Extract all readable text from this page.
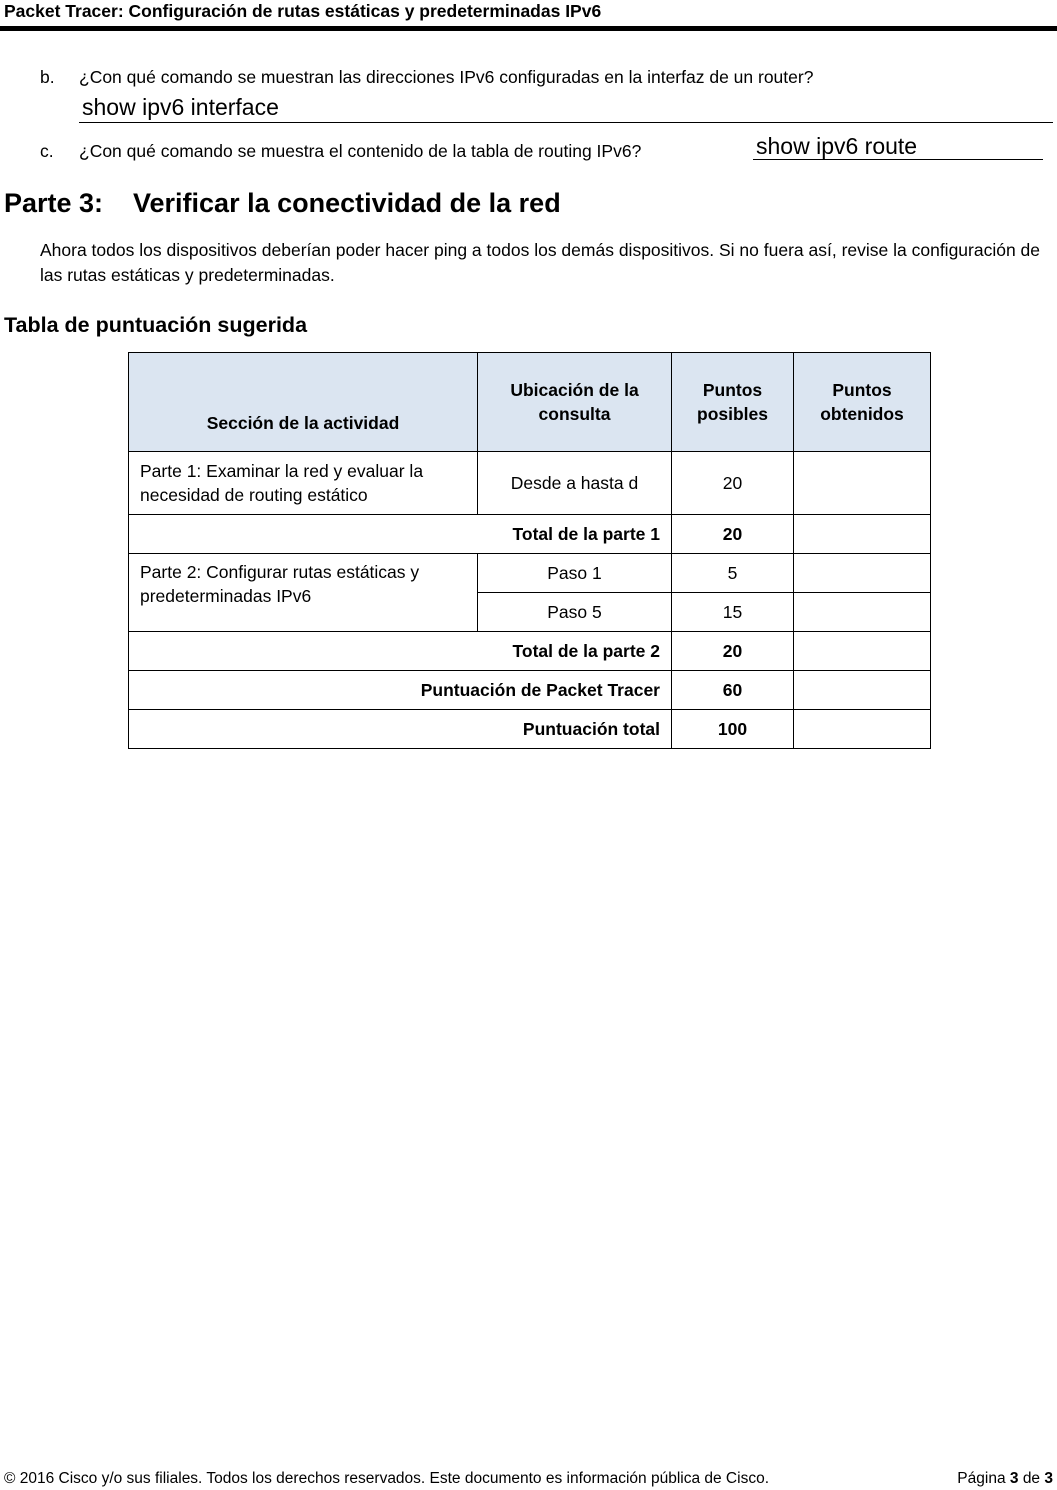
Packet Tracer: Configuración de rutas estáticas y predeterminadas IPv6
b. ¿Con qué comando se muestran las direcciones IPv6 configuradas en la interfaz de un router?
show ipv6 interface
c. ¿Con qué comando se muestra el contenido de la tabla de routing IPv6?	show ipv6 route
Parte 3: Verificar la conectividad de la red
Ahora todos los dispositivos deberían poder hacer ping a todos los demás dispositivos. Si no fuera así, revise la configuración de las rutas estáticas y predeterminadas.
Tabla de puntuación sugerida
Sección de la actividad	Ubicación de la consulta	Puntos posibles	Puntos obtenidos
Parte 1: Examinar la red y evaluar la necesidad de routing estático	Desde a hasta d	20	
Total de la parte 1		20	
Parte 2: Configurar rutas estáticas y predeterminadas IPv6	Paso 1	5	
	Paso 5	15	
Total de la parte 2		20	
Puntuación de Packet Tracer		60	
Puntuación total		100	
© 2016 Cisco y/o sus filiales. Todos los derechos reservados. Este documento es información pública de Cisco.	Página 3 de 3
